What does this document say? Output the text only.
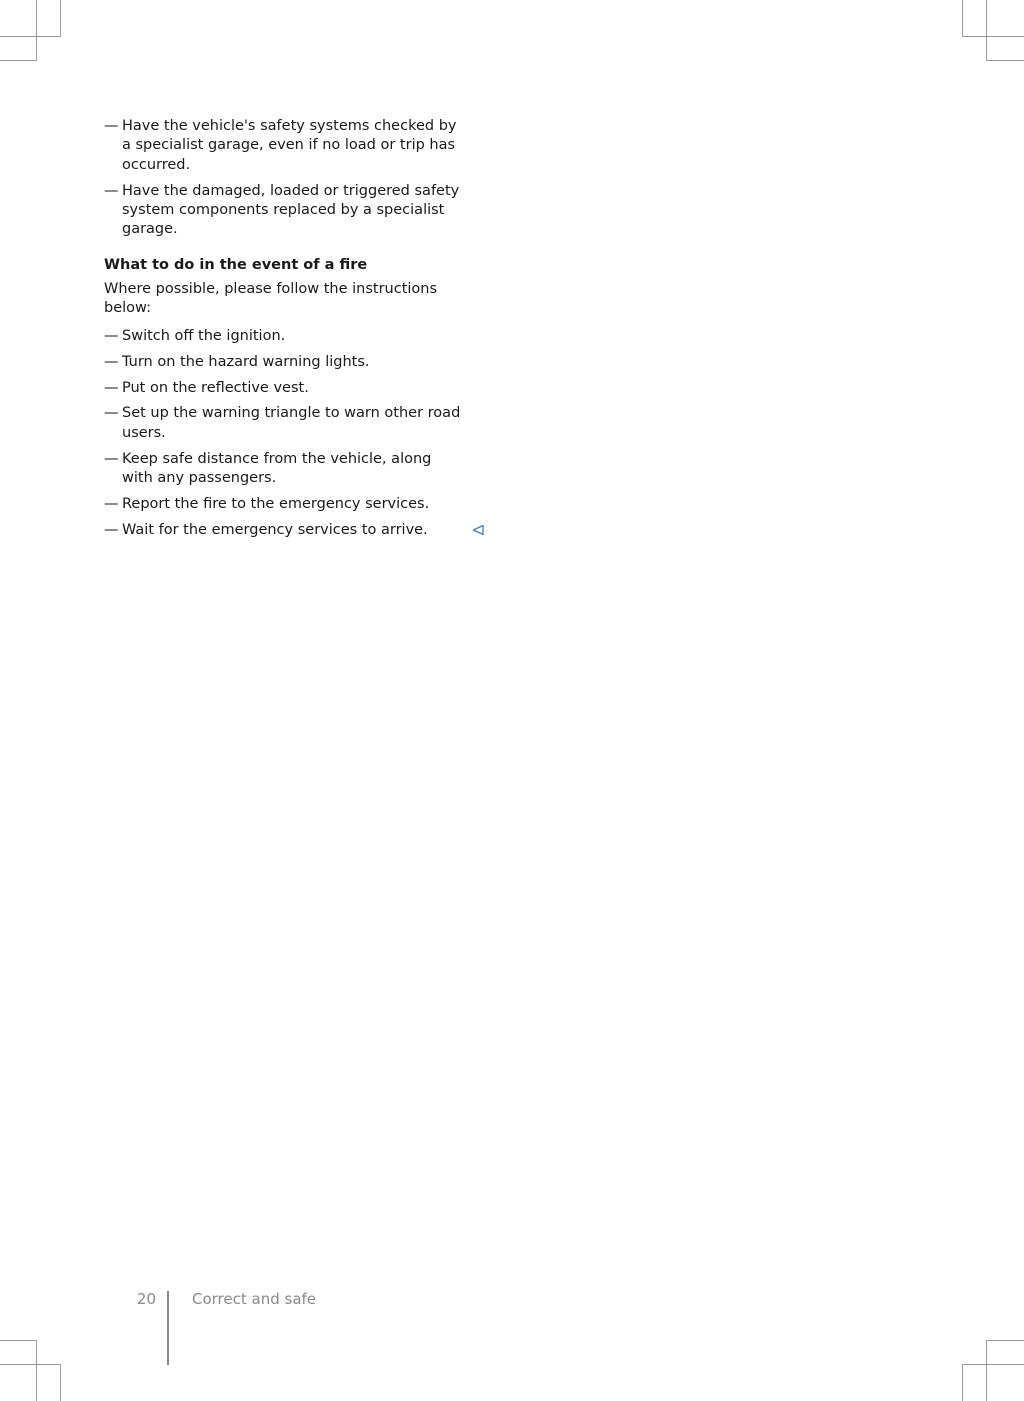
— Have the vehicle's safety systems checked by a specialist garage, even if no load or trip has occurred.
— Have the damaged, loaded or triggered safety system components replaced by a specialist garage.
What to do in the event of a fire
Where possible, please follow the instructions below:
— Switch off the ignition.
— Turn on the hazard warning lights.
— Put on the reflective vest.
— Set up the warning triangle to warn other road users.
— Keep safe distance from the vehicle, along with any passengers.
— Report the fire to the emergency services.
— Wait for the emergency services to arrive.
20 Correct and safe
